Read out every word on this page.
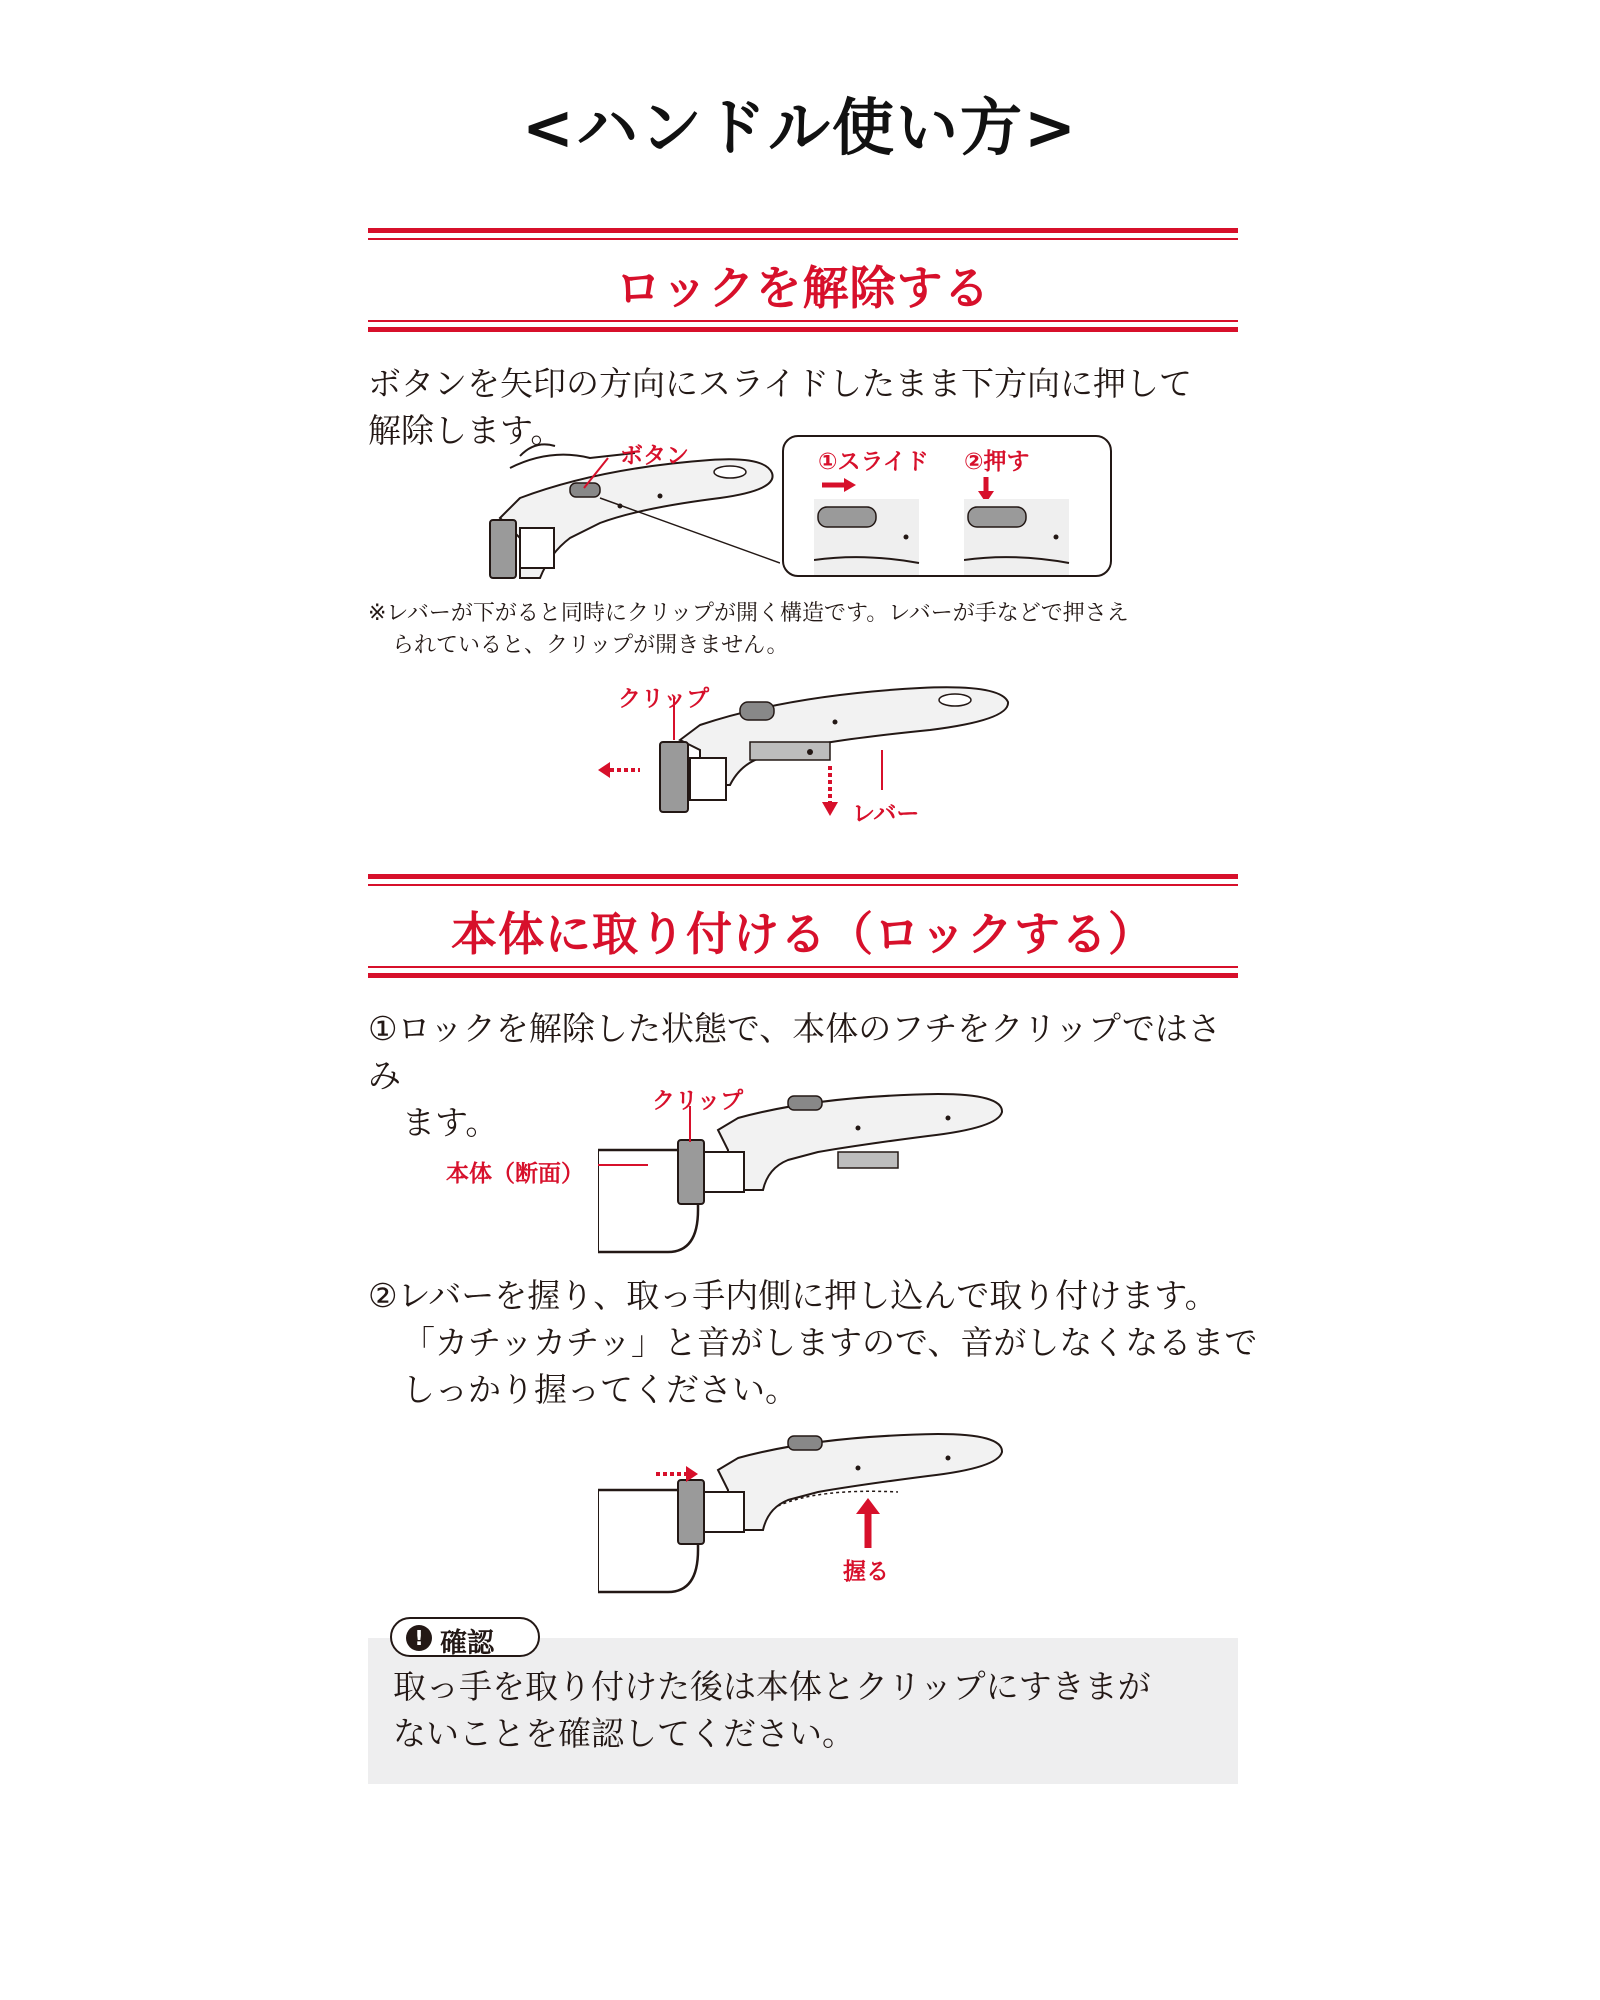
<ハンドル使い方>
ロックを解除する
ボタンを矢印の方向にスライドしたまま下方向に押して
解除します。
ボタン	①スライド ②押す
※レバーが下がると同時にクリップが開く構造です。レバーが手などで押さえ
られていると、クリップが開きません。
クリップ
レバー
本体に取り付ける（ロックする）
①ロックを解除した状態で、本体のフチをクリップではさみ
ます。
クリップ
本体（断面）
②レバーを握り、取っ手内側に押し込んで取り付けます。
「カチッカチッ」と音がしますので、音がしなくなるまで
しっかり握ってください。
握る
! 確認
取っ手を取り付けた後は本体とクリップにすきまが
ないことを確認してください。
